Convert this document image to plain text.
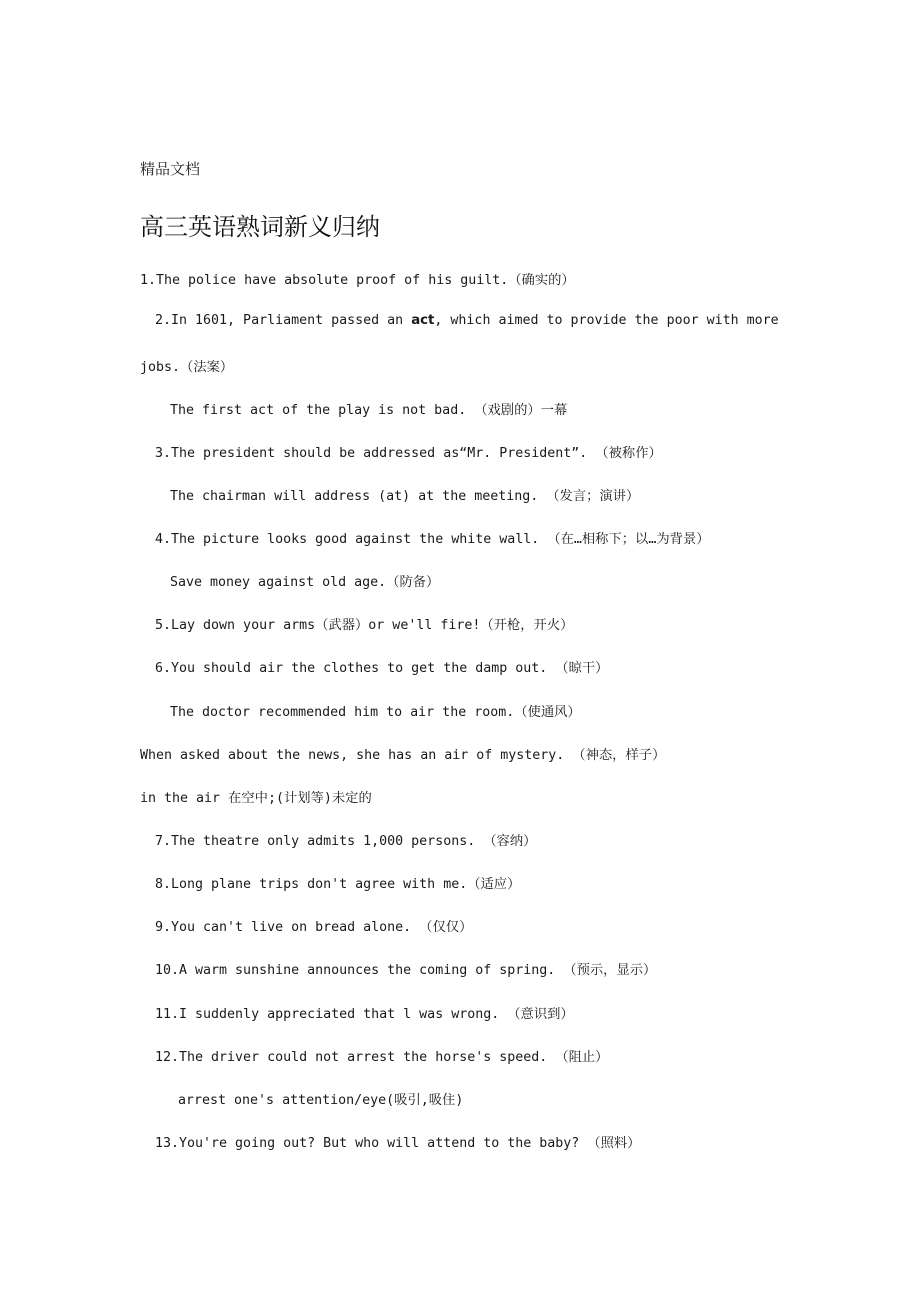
精品文档
高三英语熟词新义归纳
1.The police have absolute proof of his guilt.（确实的）
2.In 1601, Parliament passed an act, which aimed to provide the poor with more
jobs.（法案）
The first act of the play is not bad. （戏剧的）一幕
3.The president should be addressed as“Mr. President”. （被称作）
The chairman will address (at) at the meeting. （发言；演讲）
4.The picture looks good against the white wall. （在…相称下；以…为背景）
Save money against old age.（防备）
5.Lay down your arms（武器）or we'll fire!（开枪，开火）
6.You should air the clothes to get the damp out. （晾干）
The doctor recommended him to air the room.（使通风）
When asked about the news, she has an air of mystery. （神态，样子）
in the air 在空中;(计划等)未定的
7.The theatre only admits 1,000 persons. （容纳）
8.Long plane trips don't agree with me.（适应）
9.You can't live on bread alone. （仅仅）
10.A warm sunshine announces the coming of spring. （预示，显示）
11.I suddenly appreciated that l was wrong. （意识到）
12.The driver could not arrest the horse's speed. （阻止）
arrest one's attention/eye(吸引,吸住)
13.You're going out? But who will attend to the baby? （照料）
